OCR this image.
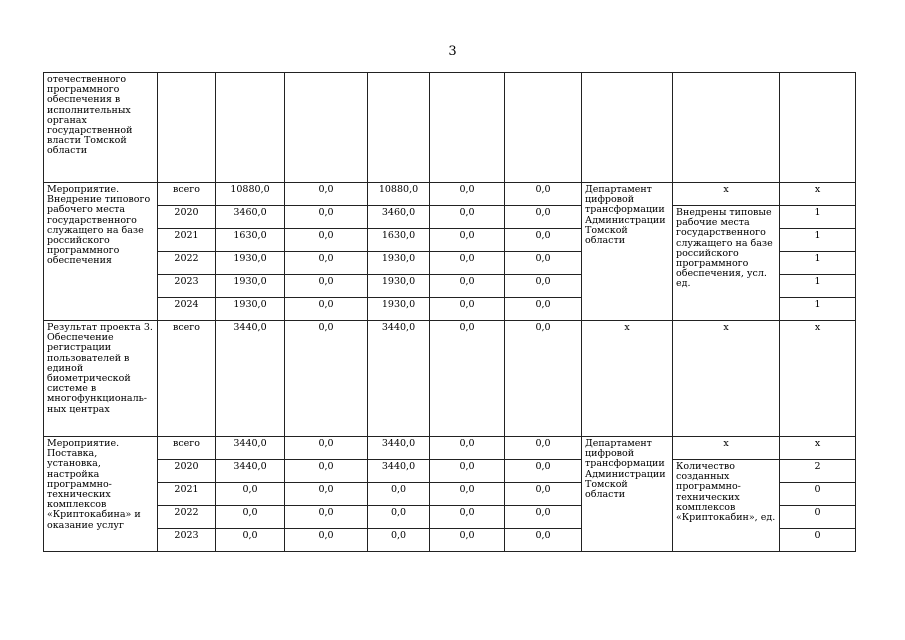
3
отечественного программного обеспечения в исполнительных органах государственной власти Томской области									
Мероприятие. Внедрение типового рабочего места государственного служащего на базе российского программного обеспечения	всего	10880,0	0,0	10880,0	0,0	0,0	Департамент цифровой трансформации Администрации Томской области	x	x
	2020	3460,0	0,0	3460,0	0,0	0,0		Внедрены типовые рабочие места государственного служащего на базе российского программного обеспечения, усл. ед.	1
	2021	1630,0	0,0	1630,0	0,0	0,0			1
	2022	1930,0	0,0	1930,0	0,0	0,0			1
	2023	1930,0	0,0	1930,0	0,0	0,0			1
	2024	1930,0	0,0	1930,0	0,0	0,0			1
Результат проекта 3. Обеспечение регистрации пользователей в единой биометрической системе в многофункциональ-ных центрах	всего	3440,0	0,0	3440,0	0,0	0,0	x	x	x
Мероприятие. Поставка, установка, настройка программно-технических комплексов «Криптокабина» и оказание услуг	всего	3440,0	0,0	3440,0	0,0	0,0	Департамент цифровой трансформации Администрации Томской области	x	x
	2020	3440,0	0,0	3440,0	0,0	0,0		Количество созданных программно-технических комплексов «Криптокабин», ед.	2
	2021	0,0	0,0	0,0	0,0	0,0			0
	2022	0,0	0,0	0,0	0,0	0,0			0
	2023	0,0	0,0	0,0	0,0	0,0			0
